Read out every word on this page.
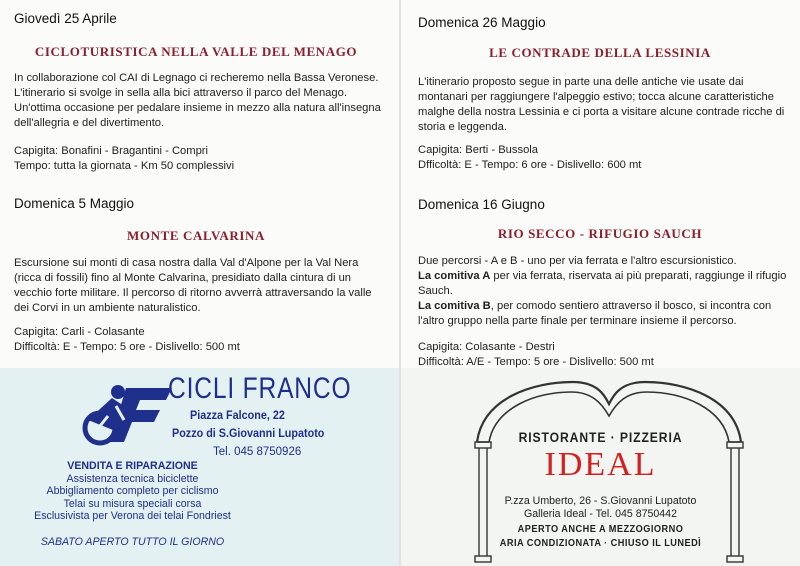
Giovedì 25 Aprile
CICLOTURISTICA NELLA VALLE DEL MENAGO

In collaborazione col CAI di Legnago ci recheremo nella Bassa Veronese. L'itinerario si svolge in sella alla bici attraverso il parco del Menago. Un'ottima occasione per pedalare insieme in mezzo alla natura all'insegna dell'allegria e del divertimento.

Capigita: Bonafini - Bragantini - Compri
Tempo: tutta la giornata - Km 50 complessivi
Domenica 5 Maggio
MONTE CALVARINA

Escursione sui monti di casa nostra dalla Val d'Alpone per la Val Nera (ricca di fossili) fino al Monte Calvarina, presidiato dalla cintura di un vecchio forte militare. Il percorso di ritorno avverrà attraversando la valle dei Corvi in un ambiente naturalistico.

Capigita: Carli - Colasante
Difficoltà: E - Tempo: 5 ore - Dislivello: 500 mt
Domenica 26 Maggio
LE CONTRADE DELLA LESSINIA

L'itinerario proposto segue in parte una delle antiche vie usate dai montanari per raggiungere l'alpeggio estivo; tocca alcune caratteristiche malghe della nostra Lessinia e ci porta a visitare alcune contrade ricche di storia e leggenda.

Capigita: Berti - Bussola
Dfficoltà: E - Tempo: 6 ore - Dislivello: 600 mt
Domenica 16 Giugno
RIO SECCO - RIFUGIO SAUCH

Due percorsi - A e B - uno per via ferrata e l'altro escursionistico.
La comitiva A per via ferrata, riservata ai più preparati, raggiunge il rifugio Sauch.
La comitiva B, per comodo sentiero attraverso il bosco, si incontra con l'altro gruppo nella parte finale per terminare insieme il percorso.

Capigita: Colasante - Destri
Difficoltà: A/E - Tempo: 5 ore - Dislivello: 500 mt
CICLI FRANCO
Piazza Falcone, 22
Pozzo di S.Giovanni Lupatoto
Tel. 045 8750926
VENDITA E RIPARAZIONE
Assistenza tecnica biciclette
Abbigliamento completo per ciclismo
Telai su misura speciali corsa
Esclusivista per Verona dei telai Fondriest
SABATO APERTO TUTTO IL GIORNO
RISTORANTE · PIZZERIA
IDEAL
P.zza Umberto, 26 - S.Giovanni Lupatoto
Galleria Ideal - Tel. 045 8750442
APERTO ANCHE A MEZZOGIORNO
ARIA CONDIZIONATA · CHIUSO IL LUNEDÌ
